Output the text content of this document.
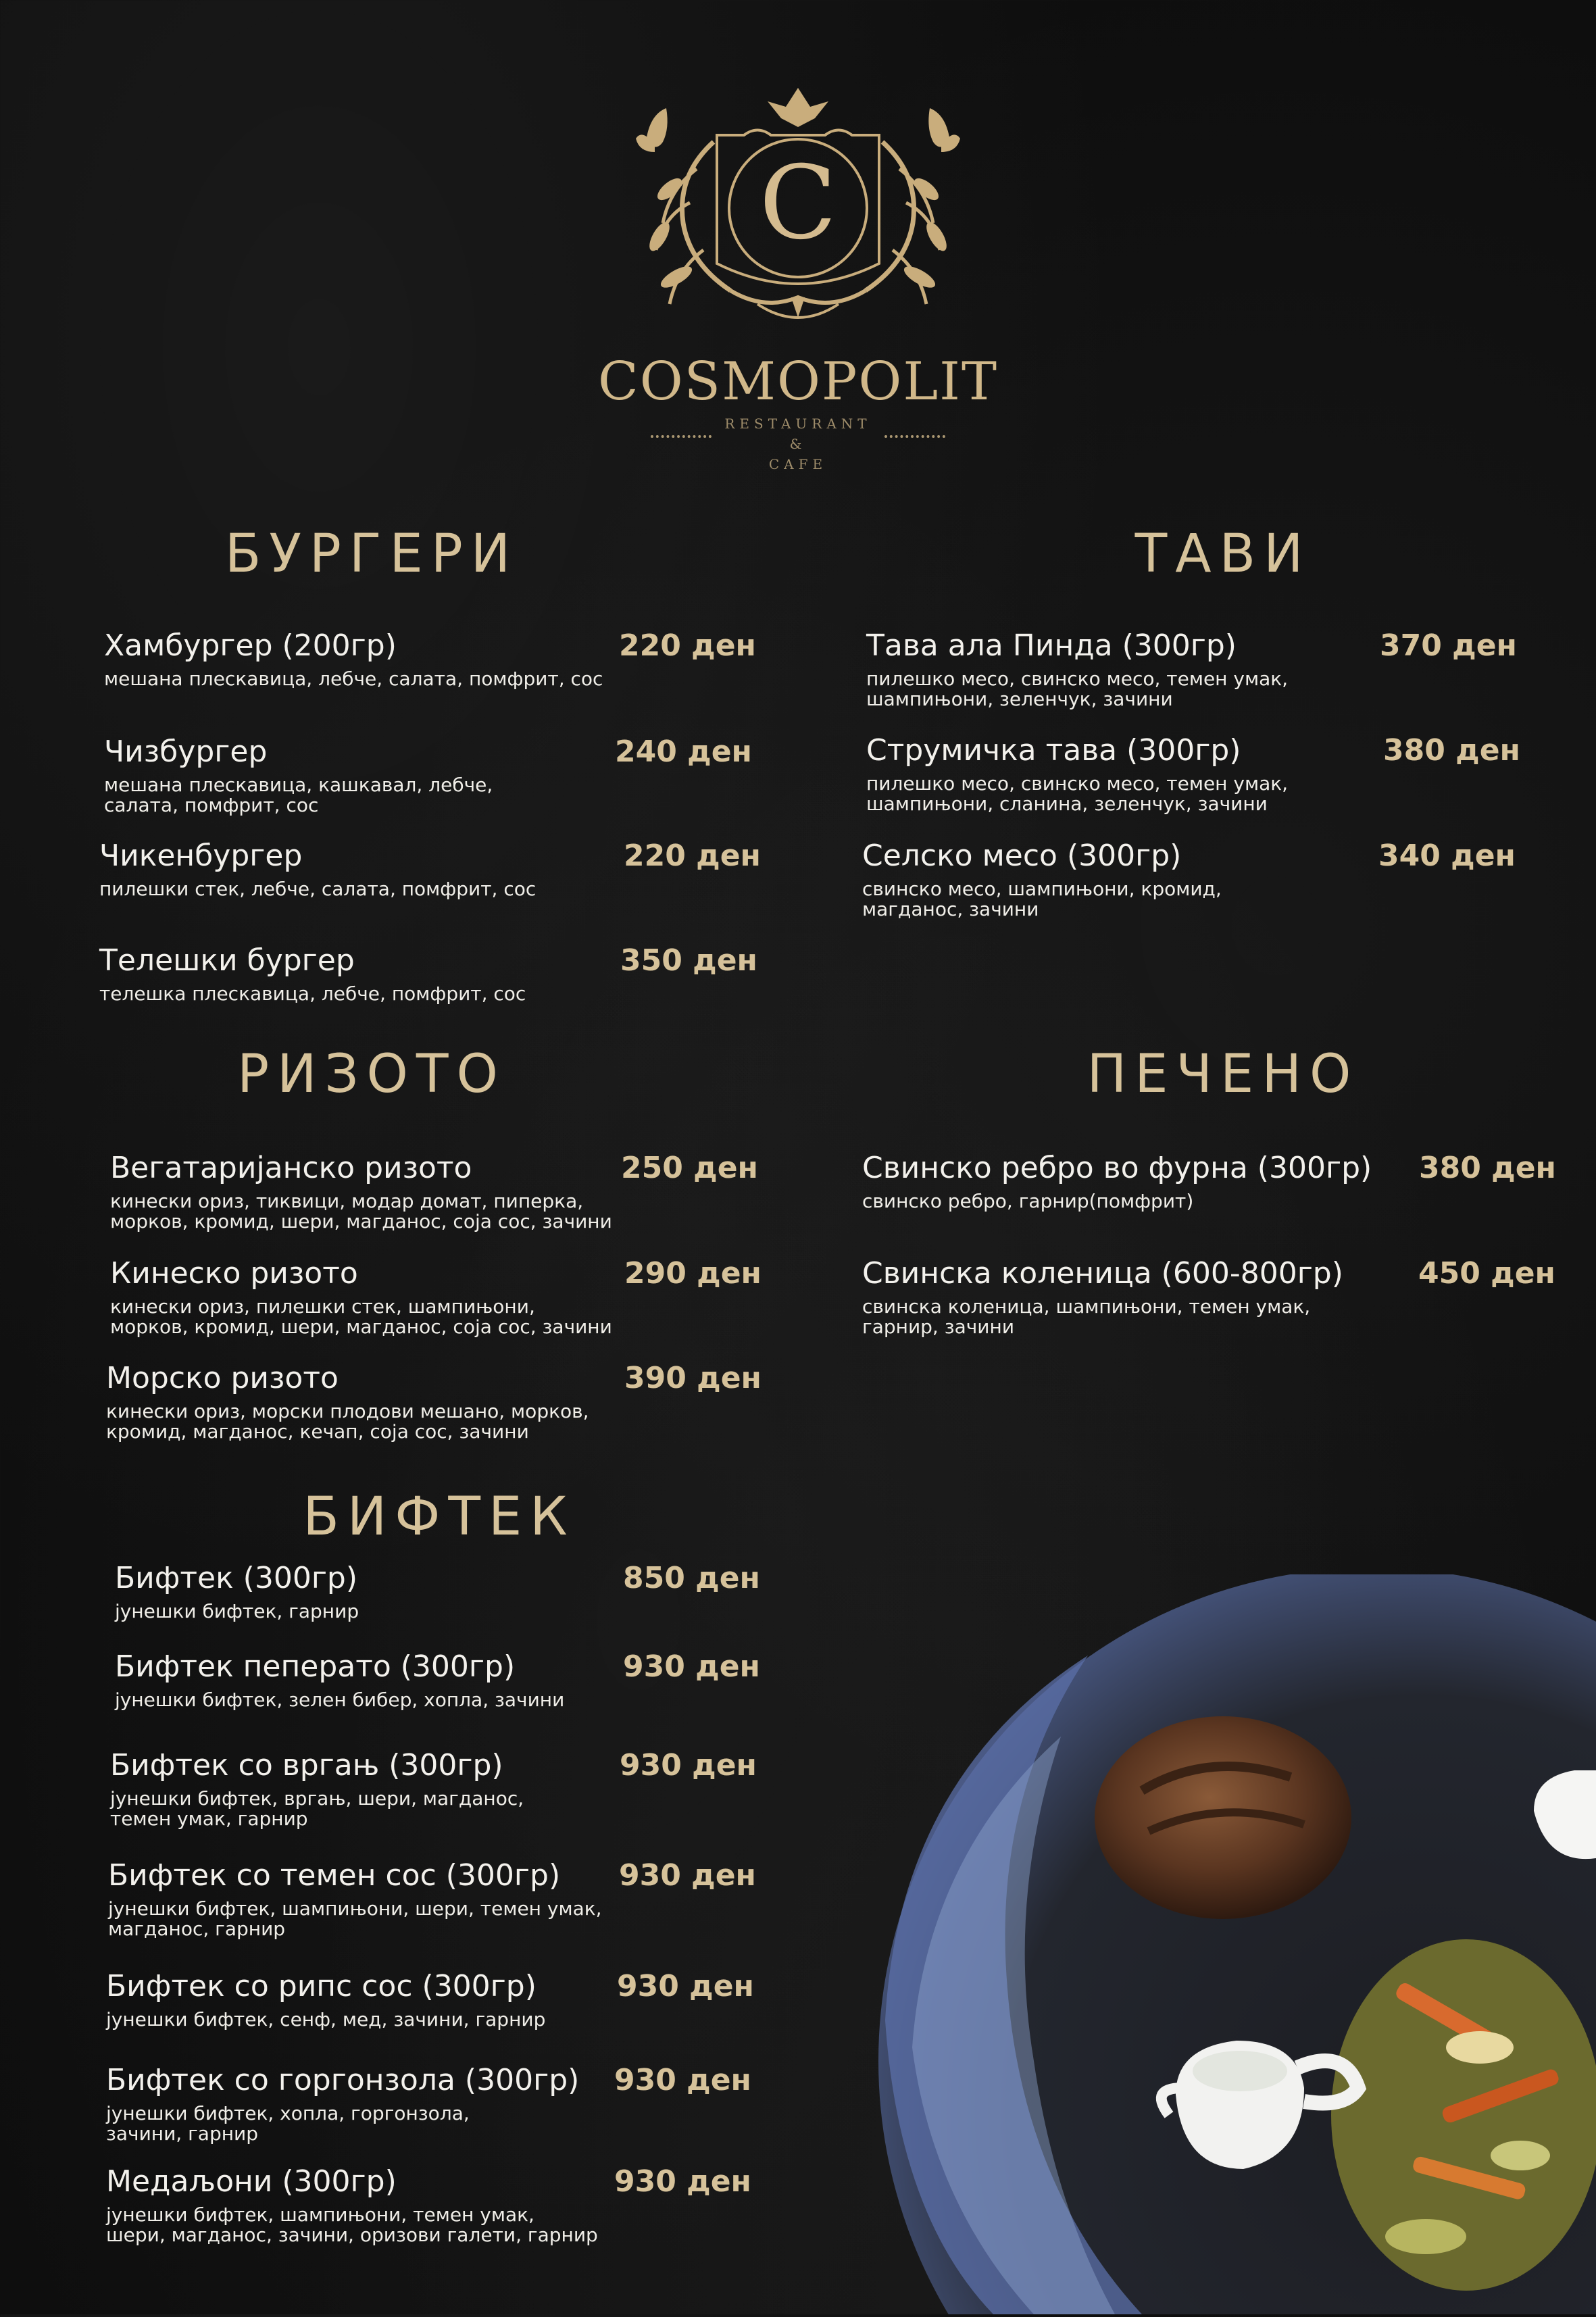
C
COSMOPOLIT
RESTAURANT
&
CAFE
БУРГЕРИ	ТАВИ
РИЗОТО	ПЕЧЕНО
БИФТЕК
Хамбургер (200гр)	220 ден
мешана плескавица, лебче, салата, помфрит, сос
Чизбургер	240 ден
мешана плескавица, кашкавал, лебче,
салата, помфрит, сос
Чикенбургер	220 ден
пилешки стек, лебче, салата, помфрит, сос
Телешки бургер	350 ден
телешка плескавица, лебче, помфрит, сос
Тава ала Пинда (300гр)	370 ден
пилешко месо, свинско месо, темен умак,
шампињони, зеленчук, зачини
Струмичка тава (300гр)	380 ден
пилешко месо, свинско месо, темен умак,
шампињони, сланина, зеленчук, зачини
Селско месо (300гр)	340 ден
свинско месо, шампињони, кромид,
магданос, зачини
Вегатаријанско ризото	250 ден
кинески ориз, тиквици, модар домат, пиперка,
морков, кромид, шери, магданос, соја сос, зачини
Кинеско ризото	290 ден
кинески ориз, пилешки стек, шампињони,
морков, кромид, шери, магданос, соја сос, зачини
Морско ризото	390 ден
кинески ориз, морски плодови мешано, морков,
кромид, магданос, кечап, соја сос, зачини
Свинско ребро во фурна (300гр) 380 ден
свинско ребро, гарнир(помфрит)
Свинска коленица (600-800гр)	450 ден
свинска коленица, шампињони, темен умак,
гарнир, зачини
Бифтек (300гр)	850 ден
јунешки бифтек, гарнир
Бифтек пеперато (300гр)	930 ден
јунешки бифтек, зелен бибер, хопла, зачини
Бифтек со вргањ (300гр)	930 ден
јунешки бифтек, вргањ, шери, магданос,
темен умак, гарнир
Бифтек со темен сос (300гр) 930 ден
јунешки бифтек, шампињони, шери, темен умак,
магданос, гарнир
Бифтек со рипс сос (300гр)	930 ден
јунешки бифтек, сенф, мед, зачини, гарнир
Бифтек со горгонзола (300гр) 930 ден
јунешки бифтек, хопла, горгонзола,
зачини, гарнир
Медаљони (300гр)	930 ден
јунешки бифтек, шампињони, темен умак,
шери, магданос, зачини, оризови галети, гарнир
